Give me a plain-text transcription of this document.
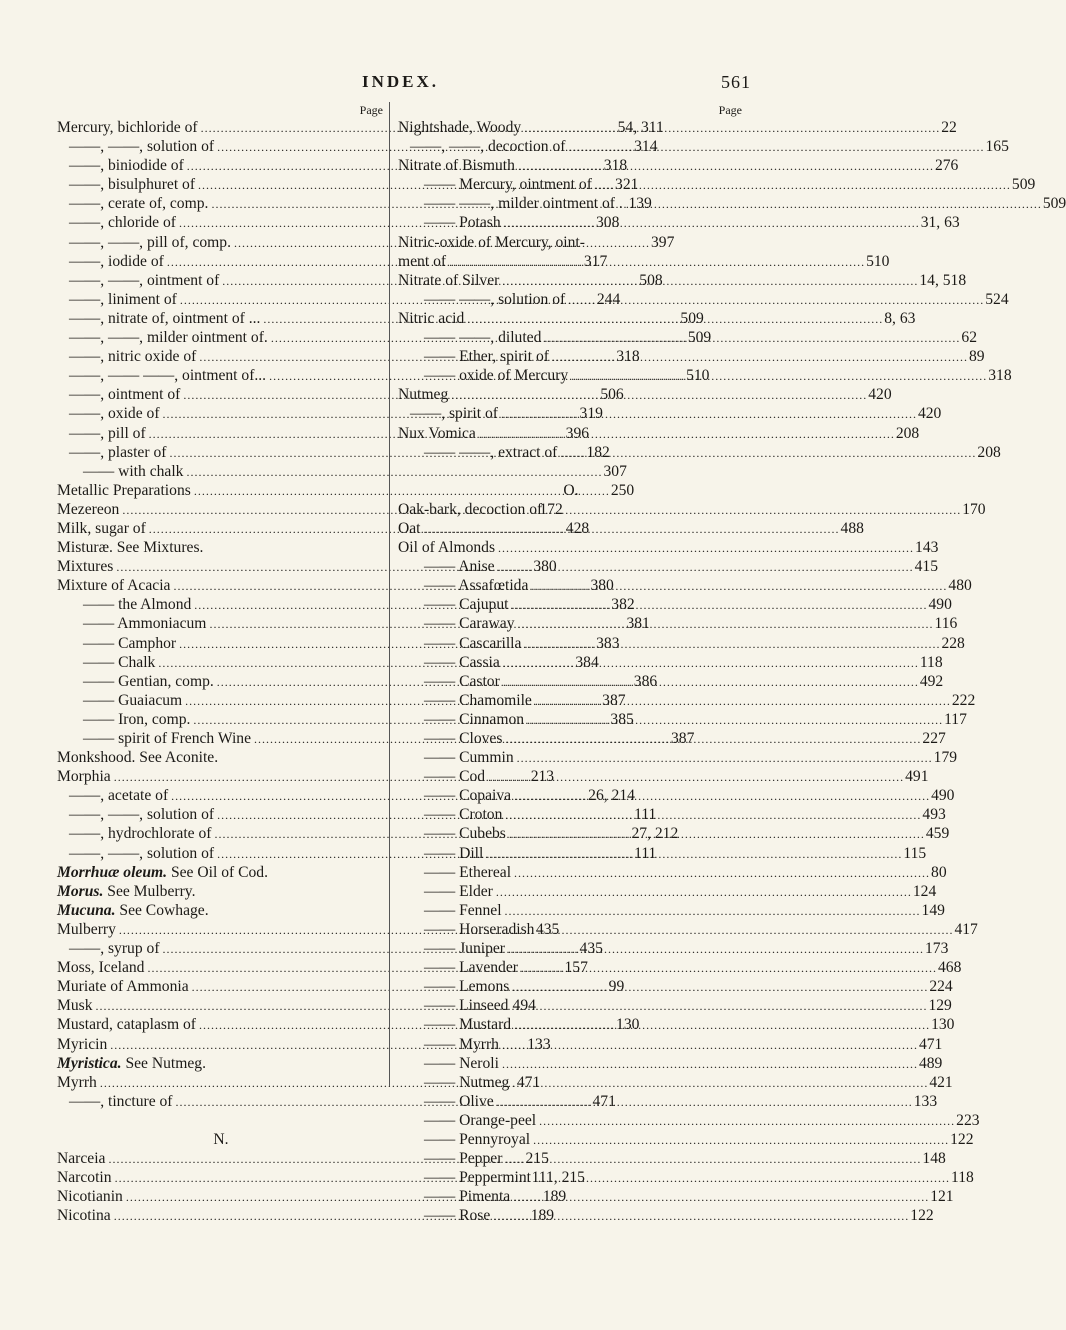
INDEX.	561
Page
Mercury, bichloride of . . .	54, 311
——, ——, solution of . . .	314
——, biniodide of . . .	318
——, bisulphuret of . . .	321
——, cerate of, comp. . . .	139
——, chloride of . . .	308
——, ——, pill of, comp. . . .	397
——, iodide of . . .	317
——, ——, ointment of . . .	508
——, liniment of . . .	244
——, nitrate of, ointment of ... . . .	509
——, ——, milder ointment of. . . .	509
——, nitric oxide of . . .	318
——, —— ——, ointment of... . . .	510
——, ointment of . . .	506
——, oxide of . . .	319
——, pill of . . .	396
——, plaster of . . .	182
—— with chalk . . .	307
Metallic Preparations . . .	250
Mezereon . . .	172
Milk, sugar of . . .	428
Misturæ. See Mixtures.
Mixtures . . .	380
Mixture of Acacia . . .	380
—— the Almond . . .	382
—— Ammoniacum . . .	381
—— Camphor . . .	383
—— Chalk . . .	384
—— Gentian, comp. . . .	386
—— Guaiacum . . .	387
—— Iron, comp. . . .	385
—— spirit of French Wine . . .	387
Monkshood. See Aconite.
Morphia . . .	213
——, acetate of . . .	26, 214
——, ——, solution of . . .	111
——, hydrochlorate of . . .	27, 212
——, ——, solution of . . .	111
Morrhuæ oleum. See Oil of Cod.
Morus. See Mulberry.
Mucuna. See Cowhage.
Mulberry . . .	435
——, syrup of . . .	435
Moss, Iceland . . .	157
Muriate of Ammonia . . .	99
Musk . . .	494
Mustard, cataplasm of . . .	130
Myricin . . .	133
Myristica. See Nutmeg.
Myrrh . . .	471
——, tincture of . . .	471
N.
Narceia . . .	215
Narcotin . . .	111, 215
Nicotianin . . .	189
Nicotina . . .	189
Page
Nightshade, Woody . . .	22
——, ——, decoction of . . .	165
Nitrate of Bismuth . . .	276
—— Mercury, ointment of . . .	509
—— ——, milder ointment of . . . .	509
—— Potash . . .	31, 63
Nitric-oxide of Mercury, oint-
ment of . . .	510
Nitrate of Silver . . .	14, 518
—— ——, solution of . . .	524
Nitric acid . . .	8, 63
—— ——, diluted . . .	62
—— Ether, spirit of . . .	89
—— oxide of Mercury . . .	318
Nutmeg . . .	420
——, spirit of . . .	420
Nux Vomica . . .	208
—— ——, extract of . . .	208
O.
Oak-bark, decoction of . . .	170
Oat . . .	488
Oil of Almonds . . .	143
—— Anise . . .	415
—— Assafœtida . . .	480
—— Cajuput . . .	490
—— Caraway . . .	116
—— Cascarilla . . .	228
—— Cassia . . .	118
—— Castor . . .	492
—— Chamomile . . .	222
—— Cinnamon . . .	117
—— Cloves . . .	227
—— Cummin . . .	179
—— Cod . . .	491
—— Copaiva . . .	490
—— Croton . . .	493
—— Cubebs . . .	459
—— Dill . . .	115
—— Ethereal . . .	80
—— Elder . . .	124
—— Fennel . . .	149
—— Horseradish . . .	417
—— Juniper . . .	173
—— Lavender . . .	468
—— Lemons . . .	224
—— Linseed . . .	129
—— Mustard . . .	130
—— Myrrh . . .	471
—— Neroli . . .	489
—— Nutmeg . . .	421
—— Olive . . .	133
—— Orange-peel . . .	223
—— Pennyroyal . . .	122
—— Pepper . . .	148
—— Peppermint . . .	118
—— Pimenta . . .	121
—— Rose . . .	122
